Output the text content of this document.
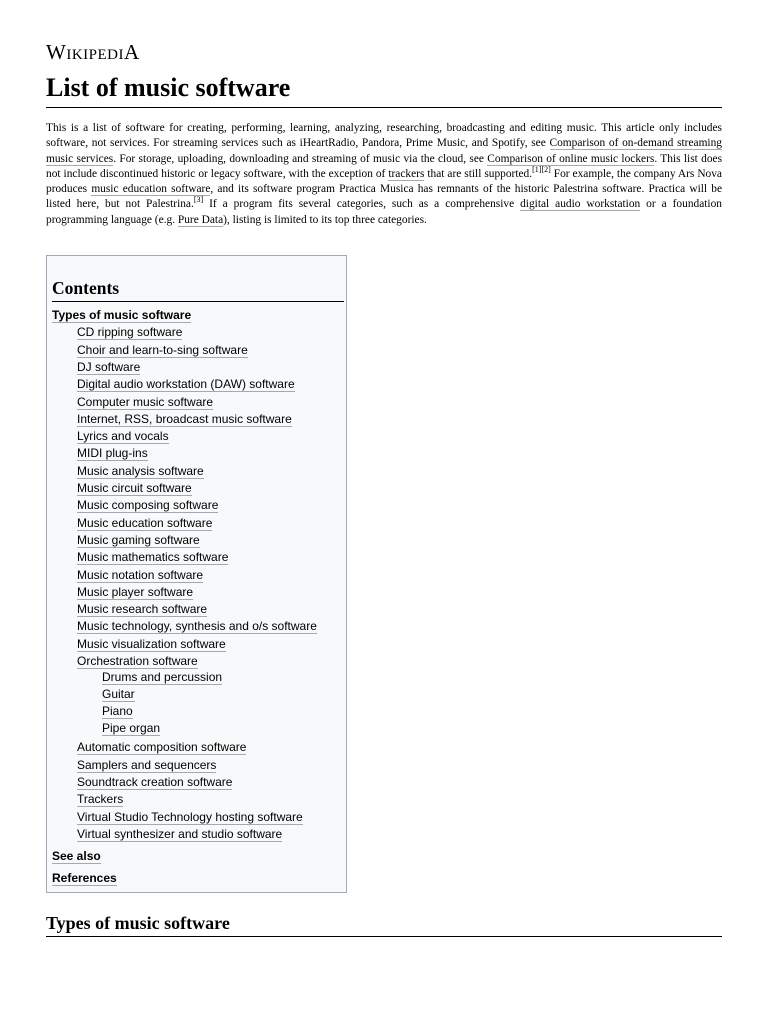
WIKIPEDIA
List of music software
This is a list of software for creating, performing, learning, analyzing, researching, broadcasting and editing music. This article only includes software, not services. For streaming services such as iHeartRadio, Pandora, Prime Music, and Spotify, see Comparison of on-demand streaming music services. For storage, uploading, downloading and streaming of music via the cloud, see Comparison of online music lockers. This list does not include discontinued historic or legacy software, with the exception of trackers that are still supported.[1][2] For example, the company Ars Nova produces music education software, and its software program Practica Musica has remnants of the historic Palestrina software. Practica will be listed here, but not Palestrina.[3] If a program fits several categories, such as a comprehensive digital audio workstation or a foundation programming language (e.g. Pure Data), listing is limited to its top three categories.
Contents
Types of music software
CD ripping software
Choir and learn-to-sing software
DJ software
Digital audio workstation (DAW) software
Computer music software
Internet, RSS, broadcast music software
Lyrics and vocals
MIDI plug-ins
Music analysis software
Music circuit software
Music composing software
Music education software
Music gaming software
Music mathematics software
Music notation software
Music player software
Music research software
Music technology, synthesis and o/s software
Music visualization software
Orchestration software
Drums and percussion
Guitar
Piano
Pipe organ
Automatic composition software
Samplers and sequencers
Soundtrack creation software
Trackers
Virtual Studio Technology hosting software
Virtual synthesizer and studio software
See also
References
Types of music software
